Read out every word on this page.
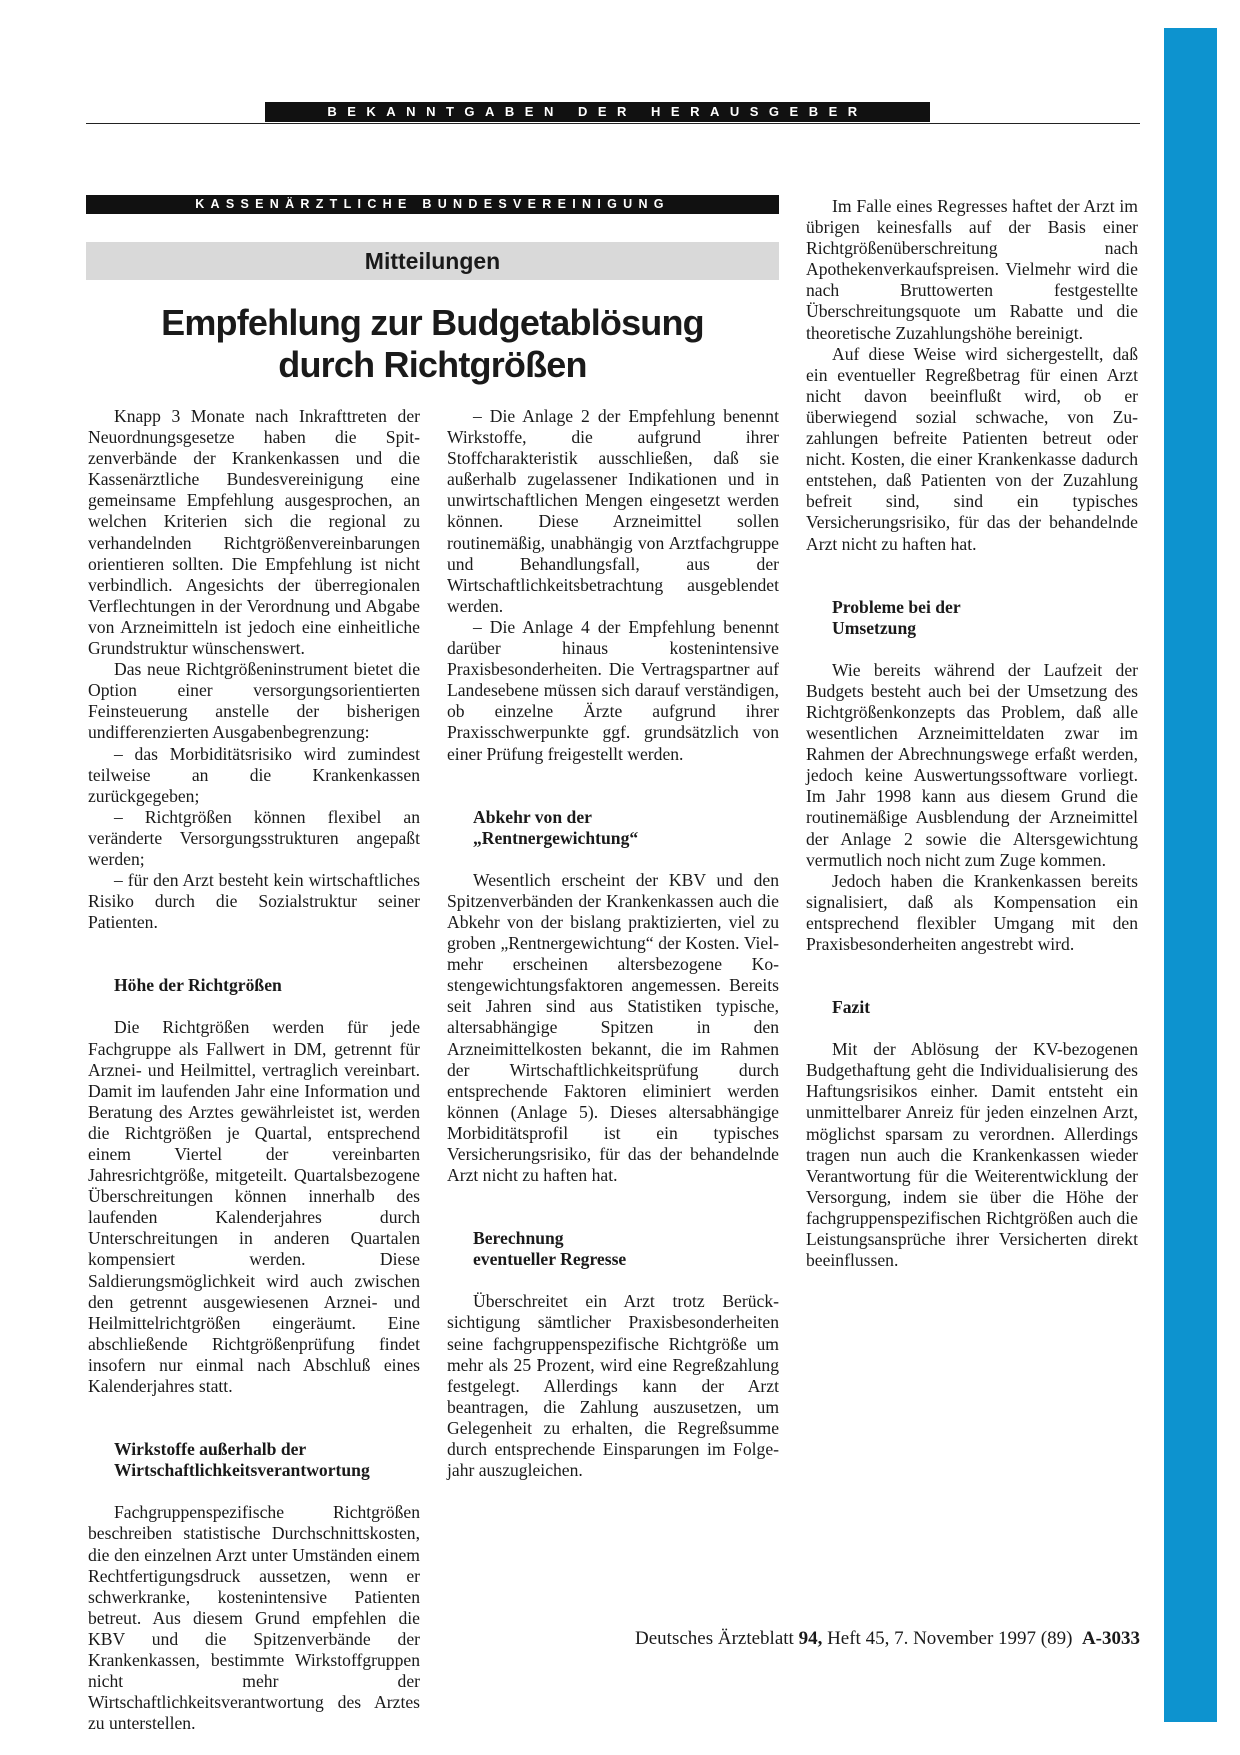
BEKANNTGABEN DER HERAUSGEBER
KASSENÄRZTLICHE BUNDESVEREINIGUNG
Mitteilungen
Empfehlung zur Budgetablösung
durch Richtgrößen

Knapp 3 Monate nach Inkrafttreten der Neuordnungsgesetze haben die Spitzenverbände der Krankenkassen und die Kassenärztliche Bundesvereinigung eine gemeinsame Empfehlung ausgesprochen, an welchen Kriterien sich die regional zu verhandelnden Richtgrößenvereinbarungen orientieren sollten. Die Empfehlung ist nicht verbindlich. Angesichts der überregionalen Verflechtungen in der Verordnung und Abgabe von Arzneimitteln ist jedoch eine einheitliche Grundstruktur wünschenswert.

Das neue Richtgrößeninstrument bietet die Option einer versorgungsorientierten Feinsteuerung anstelle der bisherigen undifferenzierten Ausgabenbegrenzung:

– das Morbiditätsrisiko wird zumindest teilweise an die Krankenkassen zurückgegeben;

– Richtgrößen können flexibel an veränderte Versorgungsstrukturen angepaßt werden;

– für den Arzt besteht kein wirtschaftliches Risiko durch die Sozialstruktur seiner Patienten.

Höhe der Richtgrößen

Die Richtgrößen werden für jede Fachgruppe als Fallwert in DM, getrennt für Arznei- und Heilmittel, vertraglich vereinbart. Damit im laufenden Jahr eine Information und Beratung des Arztes gewährleistet ist, werden die Richtgrößen je Quartal, entsprechend einem Viertel der vereinbarten Jahresrichtgröße, mitgeteilt. Quartalsbezogene Überschreitungen können innerhalb des laufenden Kalenderjahres durch Unterschreitungen in anderen Quartalen kompensiert werden. Diese Saldierungsmöglichkeit wird auch zwischen den getrennt ausgewiesenen Arznei- und Heilmittelrichtgrößen eingeräumt. Eine abschließende Richtgrößenprüfung findet insofern nur einmal nach Abschluß eines Kalenderjahres statt.

Wirkstoffe außerhalb der
Wirtschaftlichkeitsverantwortung

Fachgruppenspezifische Richtgrößen beschreiben statistische Durchschnittskosten, die den einzelnen Arzt unter Umständen einem Rechtfertigungsdruck aussetzen, wenn er schwerkranke, kostenintensive Patienten betreut. Aus diesem Grund empfehlen die KBV und die Spitzenverbände der Krankenkassen, bestimmte Wirkstoffgruppen nicht mehr der Wirtschaftlichkeitsverantwortung des Arztes zu unterstellen.

– Die Anlage 2 der Empfehlung benennt Wirkstoffe, die aufgrund ihrer Stoffcharakteristik ausschließen, daß sie außerhalb zugelassener Indikationen und in unwirtschaftlichen Mengen eingesetzt werden können. Diese Arzneimittel sollen routinemäßig, unabhängig von Arztfachgruppe und Behandlungsfall, aus der Wirtschaftlichkeitsbetrachtung ausgeblendet werden.

– Die Anlage 4 der Empfehlung benennt darüber hinaus kostenintensive Praxisbesonderheiten. Die Vertragspartner auf Landesebene müssen sich darauf verständigen, ob einzelne Ärzte aufgrund ihrer Praxisschwerpunkte ggf. grundsätzlich von einer Prüfung freigestellt werden.

Abkehr von der
„Rentnergewichtung“

Wesentlich erscheint der KBV und den Spitzenverbänden der Krankenkassen auch die Abkehr von der bislang praktizierten, viel zu groben „Rentnergewichtung“ der Kosten. Vielmehr erscheinen altersbezogene Kostengewichtungsfaktoren angemessen. Bereits seit Jahren sind aus Statistiken typische, altersabhängige Spitzen in den Arzneimittelkosten bekannt, die im Rahmen der Wirtschaftlichkeitsprüfung durch entsprechende Faktoren eliminiert werden können (Anlage 5). Dieses altersabhängige Morbiditätsprofil ist ein typisches Versicherungsrisiko, für das der behandelnde Arzt nicht zu haften hat.

Berechnung
eventueller Regresse

Überschreitet ein Arzt trotz Berücksichtigung sämtlicher Praxisbesonderheiten seine fachgruppenspezifische Richtgröße um mehr als 25 Prozent, wird eine Regreßzahlung festgelegt. Allerdings kann der Arzt beantragen, die Zahlung auszusetzen, um Gelegenheit zu erhalten, die Regreßsumme durch entsprechende Einsparungen im Folgejahr auszugleichen.

Im Falle eines Regresses haftet der Arzt im übrigen keinesfalls auf der Basis einer Richtgrößenüberschreitung nach Apothekenverkaufspreisen. Vielmehr wird die nach Bruttowerten festgestellte Überschreitungsquote um Rabatte und die theoretische Zuzahlungshöhe bereinigt.

Auf diese Weise wird sichergestellt, daß ein eventueller Regreßbetrag für einen Arzt nicht davon beeinflußt wird, ob er überwiegend sozial schwache, von Zuzahlungen befreite Patienten betreut oder nicht. Kosten, die einer Krankenkasse dadurch entstehen, daß Patienten von der Zuzahlung befreit sind, sind ein typisches Versicherungsrisiko, für das der behandelnde Arzt nicht zu haften hat.

Probleme bei der
Umsetzung

Wie bereits während der Laufzeit der Budgets besteht auch bei der Umsetzung des Richtgrößenkonzepts das Problem, daß alle wesentlichen Arzneimitteldaten zwar im Rahmen der Abrechnungswege erfaßt werden, jedoch keine Auswertungssoftware vorliegt. Im Jahr 1998 kann aus diesem Grund die routinemäßige Ausblendung der Arzneimittel der Anlage 2 sowie die Altersgewichtung vermutlich noch nicht zum Zuge kommen.

Jedoch haben die Krankenkassen bereits signalisiert, daß als Kompensation ein entsprechend flexibler Umgang mit den Praxisbesonderheiten angestrebt wird.

Fazit

Mit der Ablösung der KV-bezogenen Budgethaftung geht die Individualisierung des Haftungsrisikos einher. Damit entsteht ein unmittelbarer Anreiz für jeden einzelnen Arzt, möglichst sparsam zu verordnen. Allerdings tragen nun auch die Krankenkassen wieder Verantwortung für die Weiterentwicklung der Versorgung, indem sie über die Höhe der fachgruppenspezifischen Richtgrößen auch die Leistungsansprüche ihrer Versicherten direkt beeinflussen.

Deutsches Ärzteblatt 94, Heft 45, 7. November 1997 (89) A-3033
